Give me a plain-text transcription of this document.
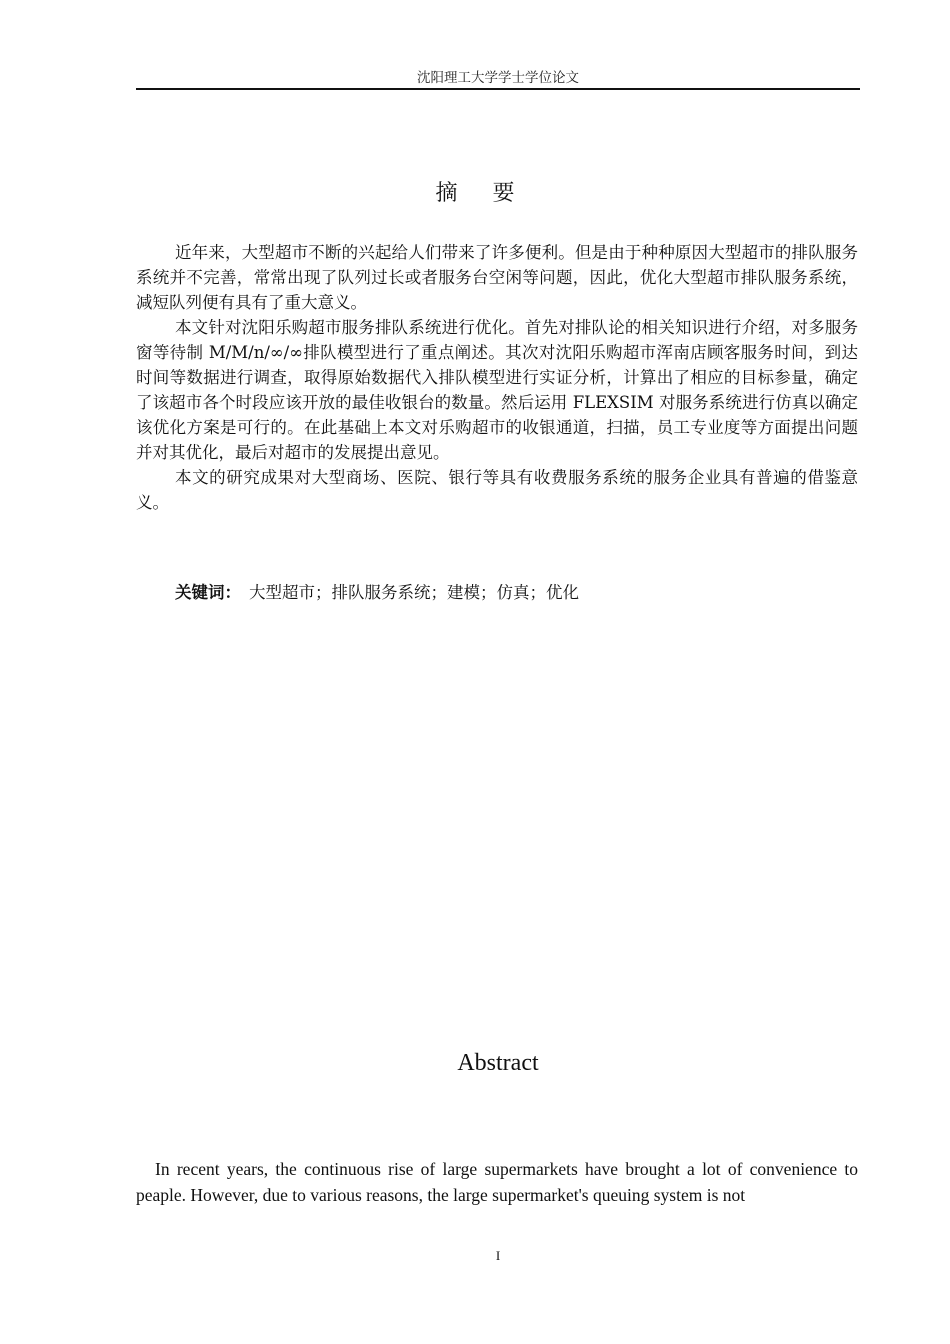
沈阳理工大学学士学位论文
摘 要

近年来，大型超市不断的兴起给人们带来了许多便利。但是由于种种原因大型超市的排队服务系统并不完善，常常出现了队列过长或者服务台空闲等问题，因此，优化大型超市排队服务系统，减短队列便有具有了重大意义。

本文针对沈阳乐购超市服务排队系统进行优化。首先对排队论的相关知识进行介绍，对多服务窗等待制 M/M/n/∞/∞排队模型进行了重点阐述。其次对沈阳乐购超市浑南店顾客服务时间，到达时间等数据进行调查，取得原始数据代入排队模型进行实证分析，计算出了相应的目标参量，确定了该超市各个时段应该开放的最佳收银台的数量。然后运用 FLEXSIM 对服务系统进行仿真以确定该优化方案是可行的。在此基础上本文对乐购超市的收银通道，扫描，员工专业度等方面提出问题并对其优化，最后对超市的发展提出意见。

本文的研究成果对大型商场、医院、银行等具有收费服务系统的服务企业具有普遍的借鉴意义。

关键词： 大型超市；排队服务系统；建模；仿真；优化
Abstract

In recent years, the continuous rise of large supermarkets have brought a lot of convenience to peaple. However, due to various reasons, the large supermarket's queuing system is not

I
